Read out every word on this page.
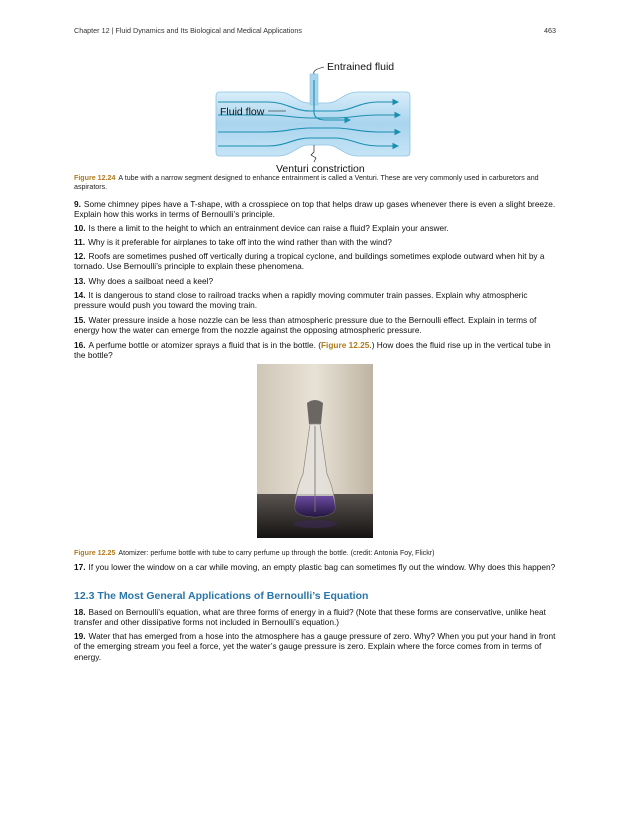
Chapter 12 | Fluid Dynamics and Its Biological and Medical Applications	463
Entrained fluid
Fluid flow
Venturi constriction
Figure 12.24 A tube with a narrow segment designed to enhance entrainment is called a Venturi. These are very commonly used in carburetors and aspirators.
9. Some chimney pipes have a T-shape, with a crosspiece on top that helps draw up gases whenever there is even a slight breeze. Explain how this works in terms of Bernoulli’s principle.
10. Is there a limit to the height to which an entrainment device can raise a fluid? Explain your answer.
11. Why is it preferable for airplanes to take off into the wind rather than with the wind?
12. Roofs are sometimes pushed off vertically during a tropical cyclone, and buildings sometimes explode outward when hit by a tornado. Use Bernoulli’s principle to explain these phenomena.
13. Why does a sailboat need a keel?
14. It is dangerous to stand close to railroad tracks when a rapidly moving commuter train passes. Explain why atmospheric pressure would push you toward the moving train.
15. Water pressure inside a hose nozzle can be less than atmospheric pressure due to the Bernoulli effect. Explain in terms of energy how the water can emerge from the nozzle against the opposing atmospheric pressure.
16. A perfume bottle or atomizer sprays a fluid that is in the bottle. (Figure 12.25.) How does the fluid rise up in the vertical tube in the bottle?
Figure 12.25 Atomizer: perfume bottle with tube to carry perfume up through the bottle. (credit: Antonia Foy, Flickr)
17. If you lower the window on a car while moving, an empty plastic bag can sometimes fly out the window. Why does this happen?
12.3 The Most General Applications of Bernoulli’s Equation
18. Based on Bernoulli’s equation, what are three forms of energy in a fluid? (Note that these forms are conservative, unlike heat transfer and other dissipative forms not included in Bernoulli’s equation.)
19. Water that has emerged from a hose into the atmosphere has a gauge pressure of zero. Why? When you put your hand in front of the emerging stream you feel a force, yet the water’s gauge pressure is zero. Explain where the force comes from in terms of energy.
